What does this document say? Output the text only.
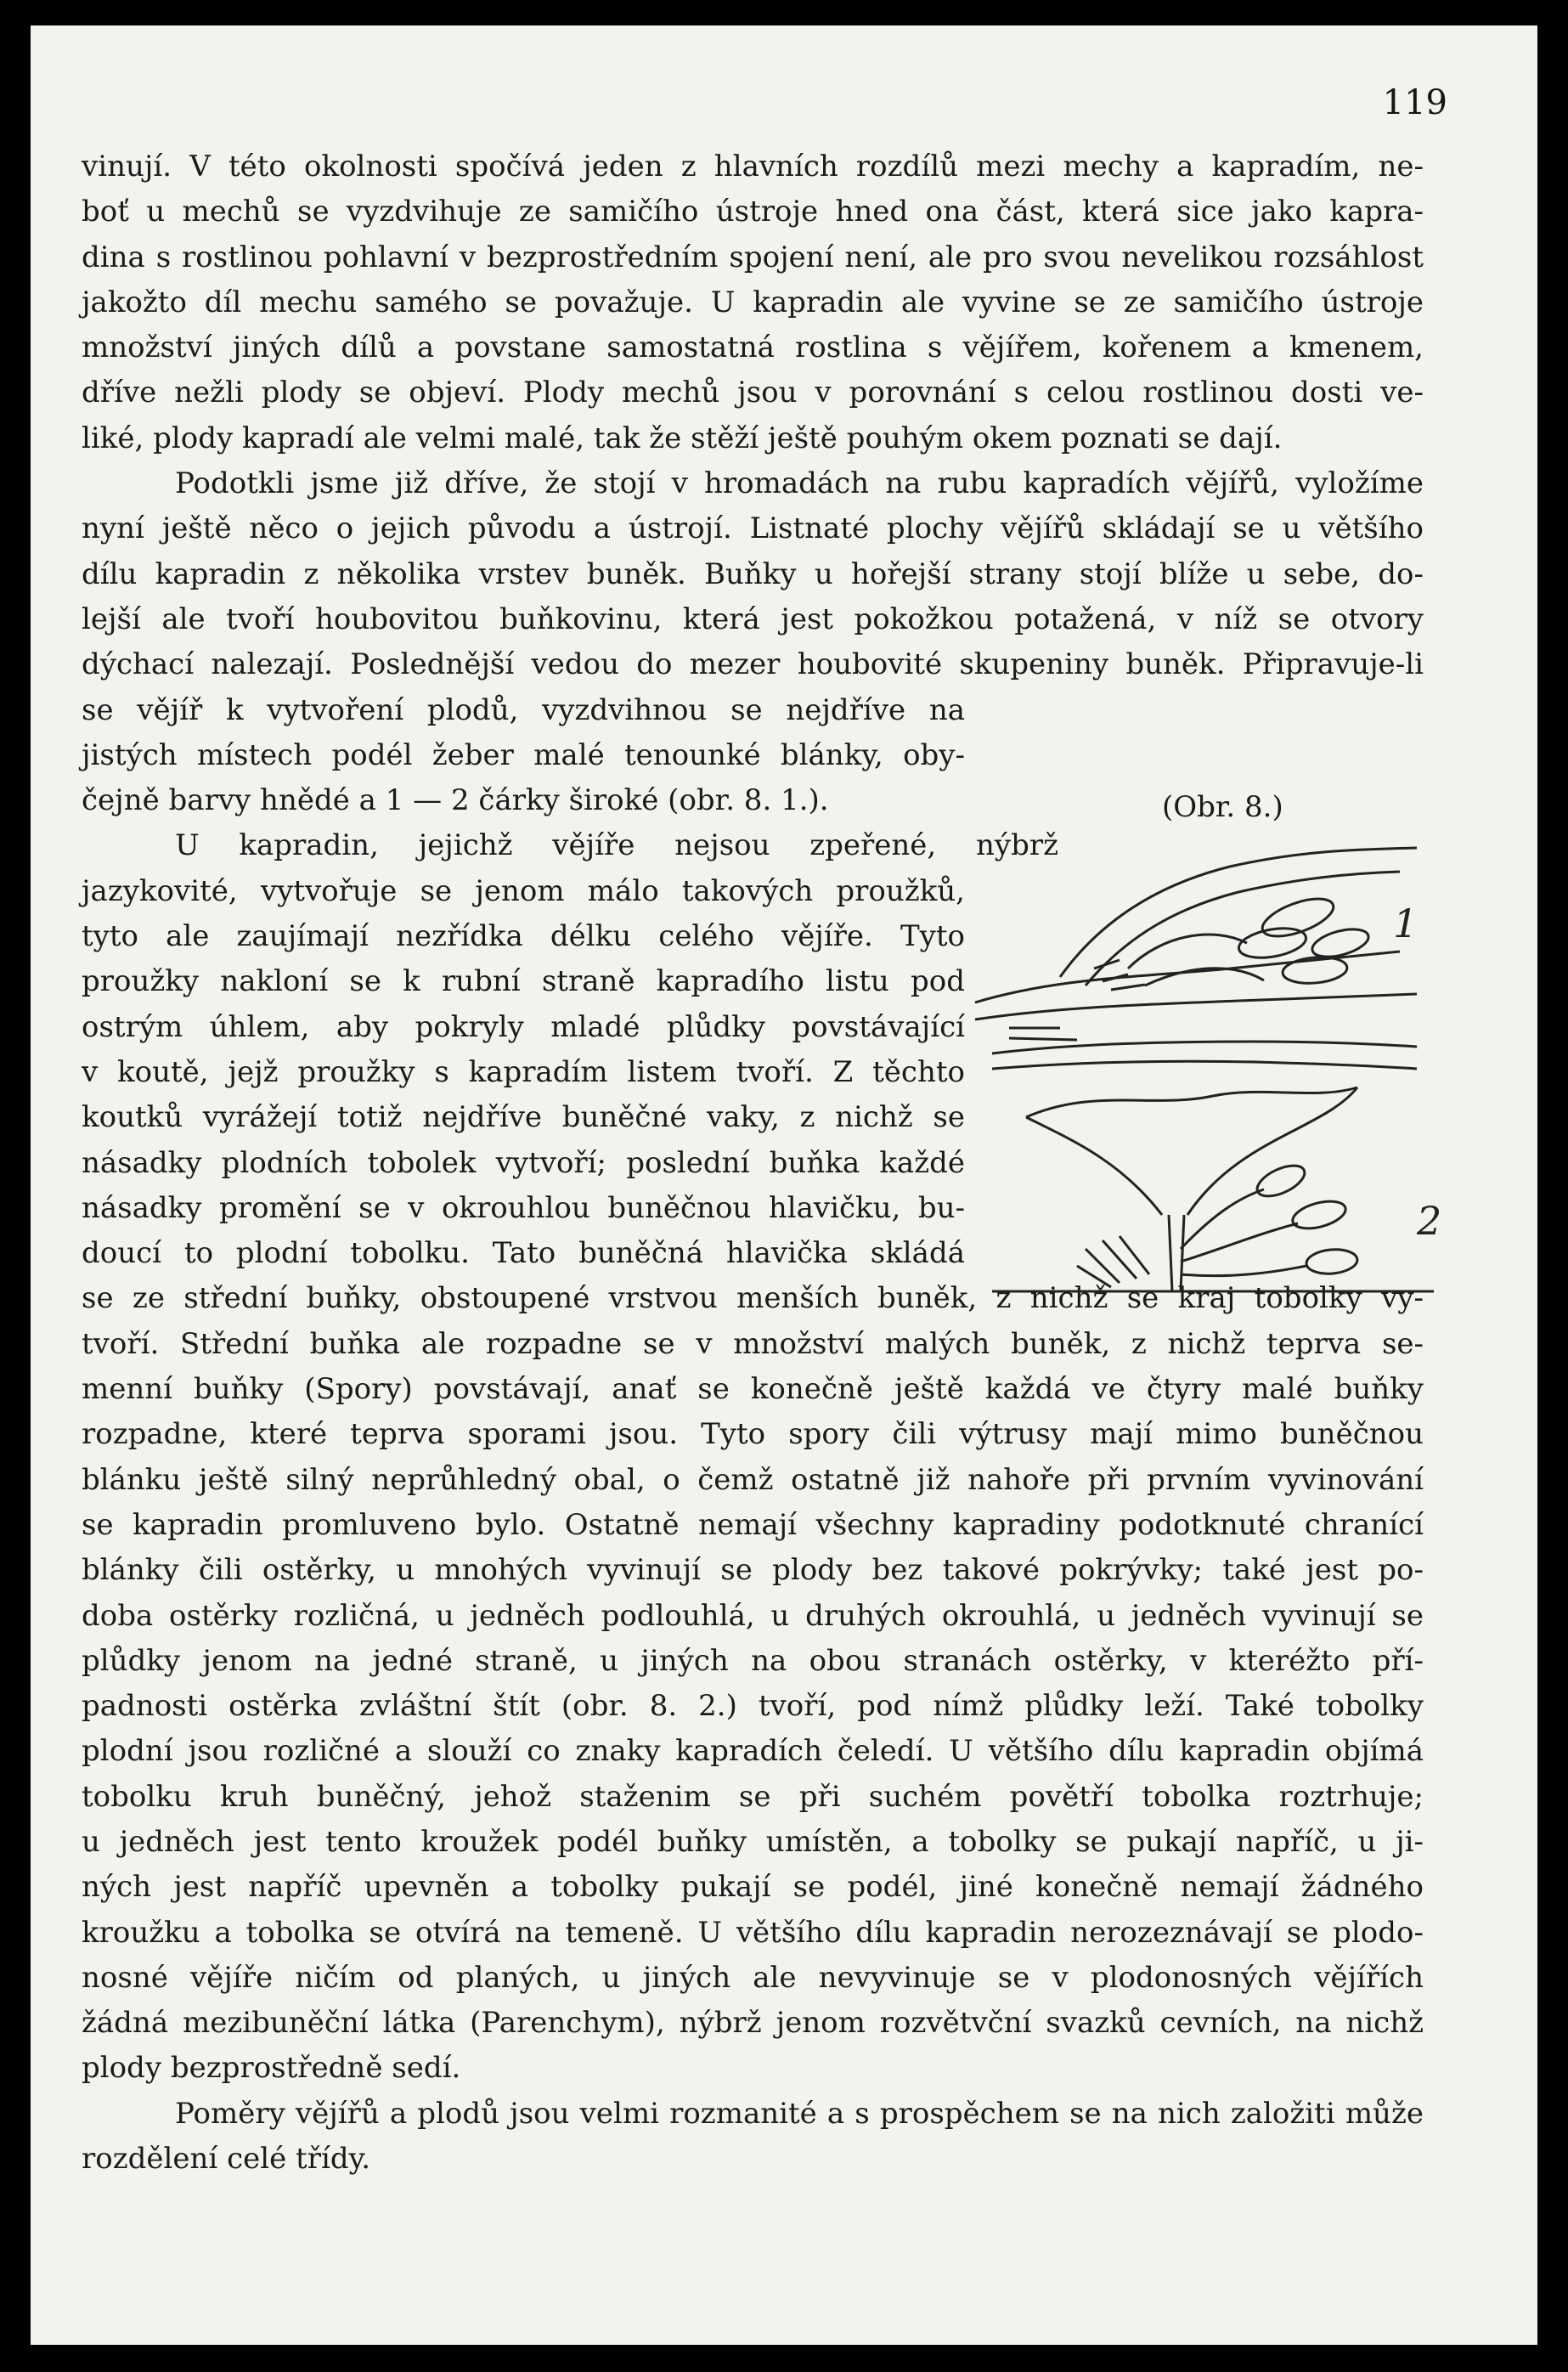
119
vinují. V této okolnosti spočívá jeden z hlavních rozdílů mezi mechy a kapradím, ne-
boť u mechů se vyzdvihuje ze samičího ústroje hned ona část, která sice jako kapra-
dina s rostlinou pohlavní v bezprostředním spojení není, ale pro svou nevelikou rozsáhlost
jakožto díl mechu samého se považuje. U kapradin ale vyvine se ze samičího ústroje
množství jiných dílů a povstane samostatná rostlina s vějířem, kořenem a kmenem,
dříve nežli plody se objeví. Plody mechů jsou v porovnání s celou rostlinou dosti ve-
liké, plody kapradí ale velmi malé, tak že stěží ještě pouhým okem poznati se dají.
Podotkli jsme již dříve, že stojí v hromadách na rubu kapradích vějířů, vyložíme
nyní ještě něco o jejich původu a ústrojí. Listnaté plochy vějířů skládají se u většího
dílu kapradin z několika vrstev buněk. Buňky u hořejší strany stojí blíže u sebe, do-
lejší ale tvoří houbovitou buňkovinu, která jest pokožkou potažená, v níž se otvory
dýchací nalezají. Poslednější vedou do mezer houbovité skupeniny buněk. Připravuje-li
se vějíř k vytvoření plodů, vyzdvihnou se nejdříve na
jistých místech podél žeber malé tenounké blánky, oby-
čejně barvy hnědé a 1 — 2 čárky široké (obr. 8. 1.).
U kapradin, jejichž vějíře nejsou zpeřené, nýbrž
jazykovité, vytvořuje se jenom málo takových proužků,
tyto ale zaujímají nezřídka délku celého vějíře. Tyto
proužky nakloní se k rubní straně kapradího listu pod
ostrým úhlem, aby pokryly mladé plůdky povstávající
v koutě, jejž proužky s kapradím listem tvoří. Z těchto
koutků vyrážejí totiž nejdříve buněčné vaky, z nichž se
násadky plodních tobolek vytvoří; poslední buňka každé
násadky promění se v okrouhlou buněčnou hlavičku, bu-
doucí to plodní tobolku. Tato buněčná hlavička skládá
se ze střední buňky, obstoupené vrstvou menších buněk, z nichž se kraj tobolky vy-
tvoří. Střední buňka ale rozpadne se v množství malých buněk, z nichž teprva se-
menní buňky (Spory) povstávají, anať se konečně ještě každá ve čtyry malé buňky
rozpadne, které teprva sporami jsou. Tyto spory čili výtrusy mají mimo buněčnou
blánku ještě silný neprůhledný obal, o čemž ostatně již nahoře při prvním vyvinování
se kapradin promluveno bylo. Ostatně nemají všechny kapradiny podotknuté chranící
blánky čili ostěrky, u mnohých vyvinují se plody bez takové pokrývky; také jest po-
doba ostěrky rozličná, u jedněch podlouhlá, u druhých okrouhlá, u jedněch vyvinují se
plůdky jenom na jedné straně, u jiných na obou stranách ostěrky, v kteréžto pří-
padnosti ostěrka zvláštní štít (obr. 8. 2.) tvoří, pod nímž plůdky leží. Také tobolky
plodní jsou rozličné a slouží co znaky kapradích čeledí. U většího dílu kapradin objímá
tobolku kruh buněčný, jehož staženim se při suchém povětří tobolka roztrhuje;
u jedněch jest tento kroužek podél buňky umístěn, a tobolky se pukají napříč, u ji-
ných jest napříč upevněn a tobolky pukají se podél, jiné konečně nemají žádného
kroužku a tobolka se otvírá na temeně. U většího dílu kapradin nerozeznávají se plodo-
nosné vějíře ničím od planých, u jiných ale nevyvinuje se v plodonosných vějířích
žádná mezibuněční látka (Parenchym), nýbrž jenom rozvětvční svazků cevních, na nichž
plody bezprostředně sedí.
Poměry vějířů a plodů jsou velmi rozmanité a s prospěchem se na nich založiti může
rozdělení celé třídy.
(Obr. 8.)
1
2
